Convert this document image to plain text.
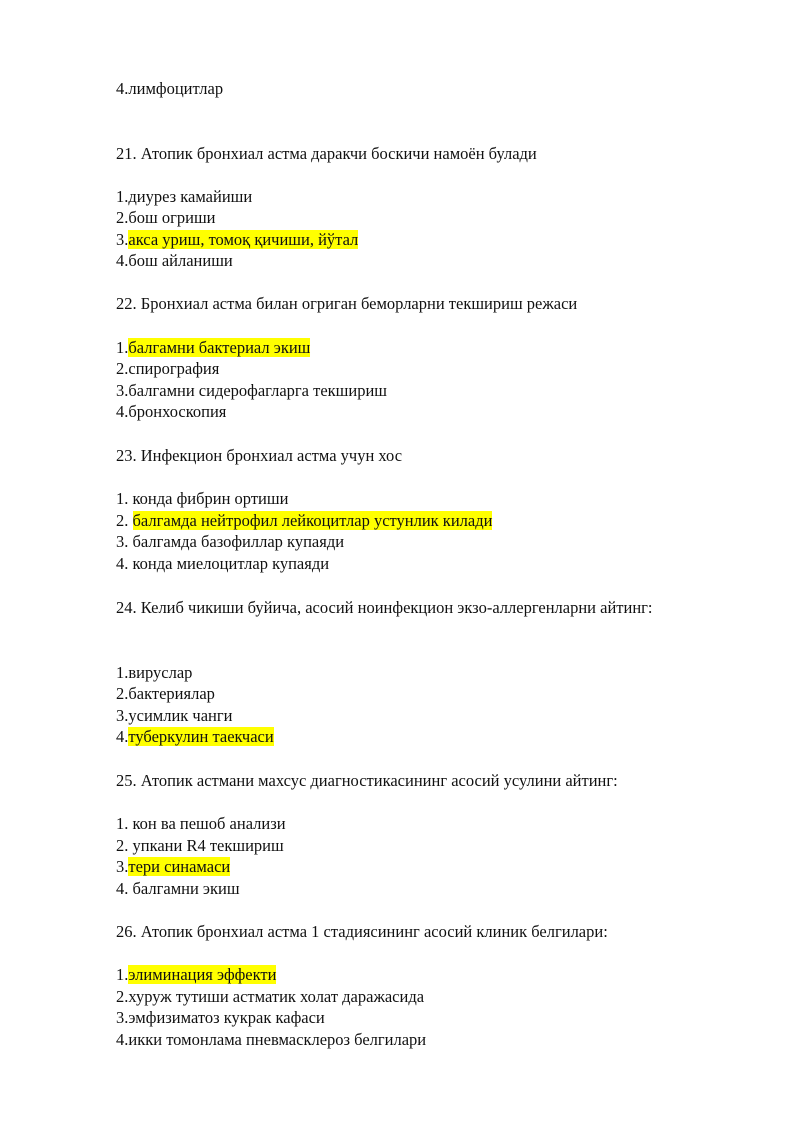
4.лимфоцитлар
21. Атопик бронхиал астма даракчи боскичи намоён булади
1.диурез камайиши
2.бош огриши
3.акса уриш, томоқ қичиши, йўтал
4.бош айланиши
22. Бронхиал астма билан огриган беморларни текшириш режаси
1.балгамни бактериал экиш
2.спирография
3.балгамни сидерофагларга текшириш
4.бронхоскопия
23. Инфекцион бронхиал астма учун хос
1. конда фибрин ортиши
2. балгамда нейтрофил лейкоцитлар устунлик килади
3. балгамда базофиллар купаяди
4. конда миелоцитлар купаяди
24. Келиб чикиши буйича, асосий ноинфекцион экзо-аллергенларни айтинг:
1.вируслар
2.бактериялар
3.усимлик чанги
4.туберкулин таекчаси
25. Атопик астмани махсус диагностикасининг асосий усулини айтинг:
1. кон ва пешоб анализи
2. упкани R4 текшириш
3.тери синамаси
4. балгамни экиш
26. Атопик бронхиал астма 1 стадиясининг асосий клиник белгилари:
1.элиминация эффекти
2.хуруж тутиши астматик холат даражасида
3.эмфизиматоз кукрак кафаси
4.икки томонлама пневмасклероз белгилари
